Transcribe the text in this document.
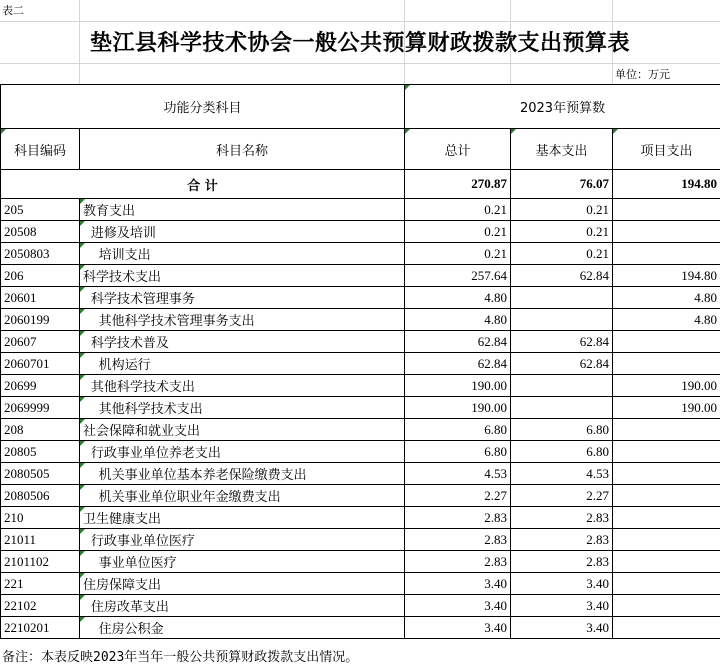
表二
垫江县科学技术协会一般公共预算财政拨款支出预算表
单位：万元
功能分类科目		2023年预算数		

科目编码	科目名称	总计	基本支出	项目支出
合 计		270.87	76.07	194.80
205	教育支出	0.21	0.21	
20508	进修及培训	0.21	0.21	
2050803	培训支出	0.21	0.21	
206	科学技术支出	257.64	62.84	194.80
20601	科学技术管理事务	4.80		4.80
2060199	其他科学技术管理事务支出	4.80		4.80
20607	科学技术普及	62.84	62.84	
2060701	机构运行	62.84	62.84	
20699	其他科学技术支出	190.00		190.00
2069999	其他科学技术支出	190.00		190.00
208	社会保障和就业支出	6.80	6.80	
20805	行政事业单位养老支出	6.80	6.80	
2080505	机关事业单位基本养老保险缴费支出	4.53	4.53	
2080506	机关事业单位职业年金缴费支出	2.27	2.27	
210	卫生健康支出	2.83	2.83	
21011	行政事业单位医疗	2.83	2.83	
2101102	事业单位医疗	2.83	2.83	
221	住房保障支出	3.40	3.40	
22102	住房改革支出	3.40	3.40	
2210201	住房公积金	3.40	3.40	
备注：本表反映2023年当年一般公共预算财政拨款支出情况。
